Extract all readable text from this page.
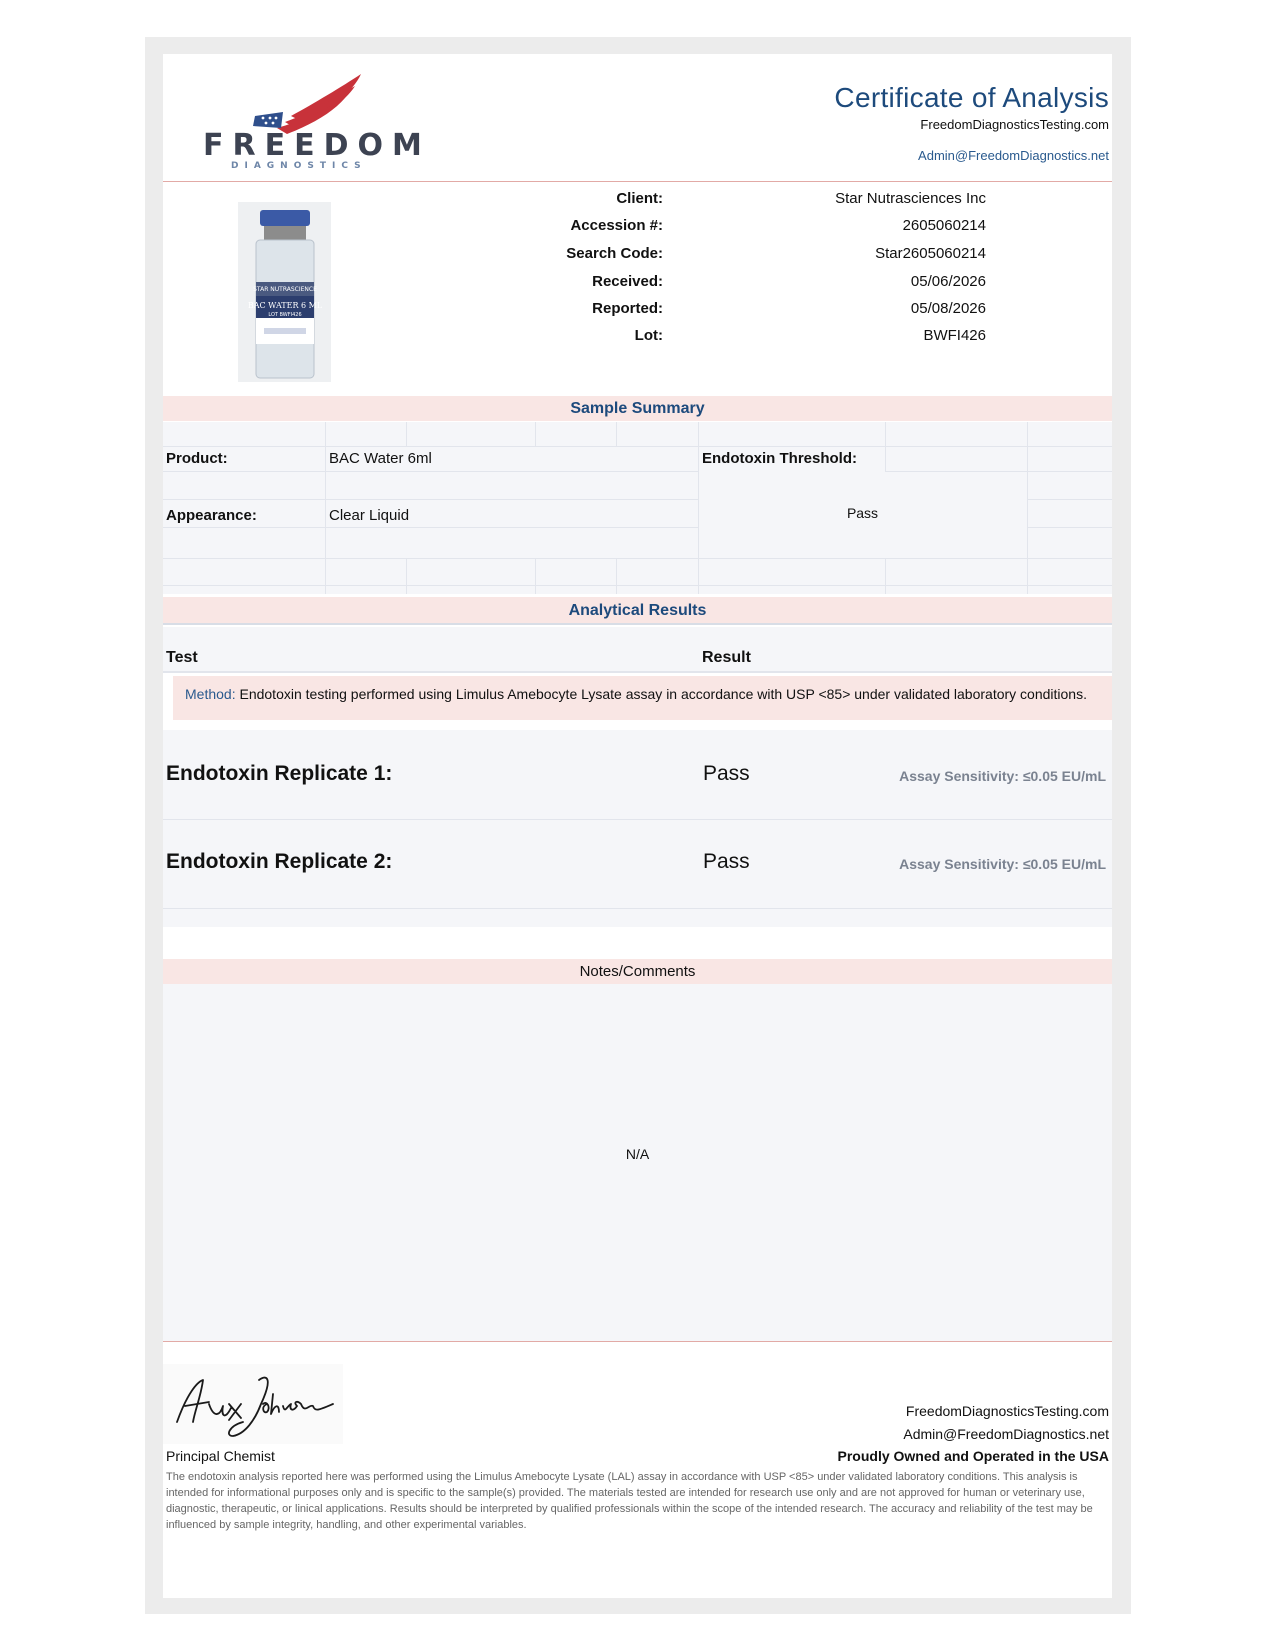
FREEDOM
DIAGNOSTICS
Certificate of Analysis
FreedomDiagnosticsTesting.com
Admin@FreedomDiagnostics.net
STAR NUTRASCIENCE
BAC WATER 6 ML
LOT BWFI426
Client:	Star Nutrasciences Inc
Accession #:	2605060214
Search Code:	Star2605060214
Received:	05/06/2026
Reported:	05/08/2026
Lot:	BWFI426
Sample Summary
Product:	BAC Water 6ml	Endotoxin Threshold:
Appearance:	Clear Liquid	Pass
Analytical Results
Test	Result
Method: Endotoxin testing performed using Limulus Amebocyte Lysate assay in accordance with USP <85> under validated laboratory conditions.
Endotoxin Replicate 1:	Pass	Assay Sensitivity: ≤0.05 EU/mL
Endotoxin Replicate 2:	Pass	Assay Sensitivity: ≤0.05 EU/mL
Notes/Comments
N/A
Principal Chemist
FreedomDiagnosticsTesting.com
Admin@FreedomDiagnostics.net
Proudly Owned and Operated in the USA
The endotoxin analysis reported here was performed using the Limulus Amebocyte Lysate (LAL) assay in accordance with USP <85> under validated laboratory conditions. This analysis is intended for informational purposes only and is specific to the sample(s) provided. The materials tested are intended for research use only and are not approved for human or veterinary use, diagnostic, therapeutic, or linical applications. Results should be interpreted by qualified professionals within the scope of the intended research. The accuracy and reliability of the test may be influenced by sample integrity, handling, and other experimental variables.
